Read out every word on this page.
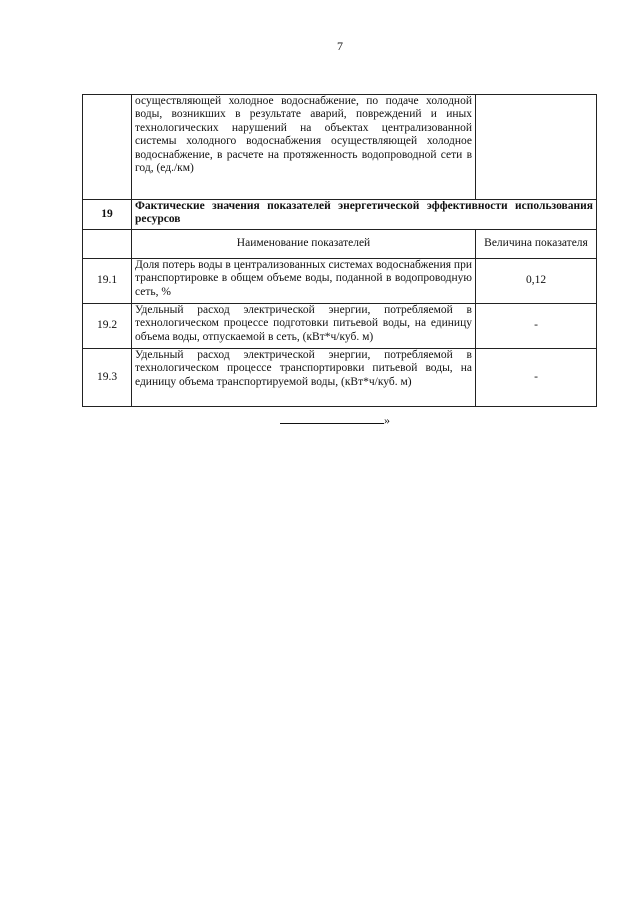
7
	осуществляющей холодное водоснабжение, по подаче холодной воды, возникших в результате аварий, повреждений и иных технологических нарушений на объектах централизованной системы холодного водоснабжения осуществляющей холодное водоснабжение, в расчете на протяженность водопроводной сети в год, (ед./км)	
19	Фактические значения показателей энергетической эффективности использования ресурсов	
	Наименование показателей	Величина показателя
19.1	Доля потерь воды в централизованных системах водоснабжения при транспортировке в общем объеме воды, поданной в водопроводную сеть, %	0,12
19.2	Удельный расход электрической энергии, потребляемой в технологическом процессе подготовки питьевой воды, на единицу объема воды, отпускаемой в сеть, (кВт*ч/куб. м)	-
19.3	Удельный расход электрической энергии, потребляемой в технологическом процессе транспортировки питьевой воды, на единицу объема транспортируемой воды, (кВт*ч/куб. м)	-
»
